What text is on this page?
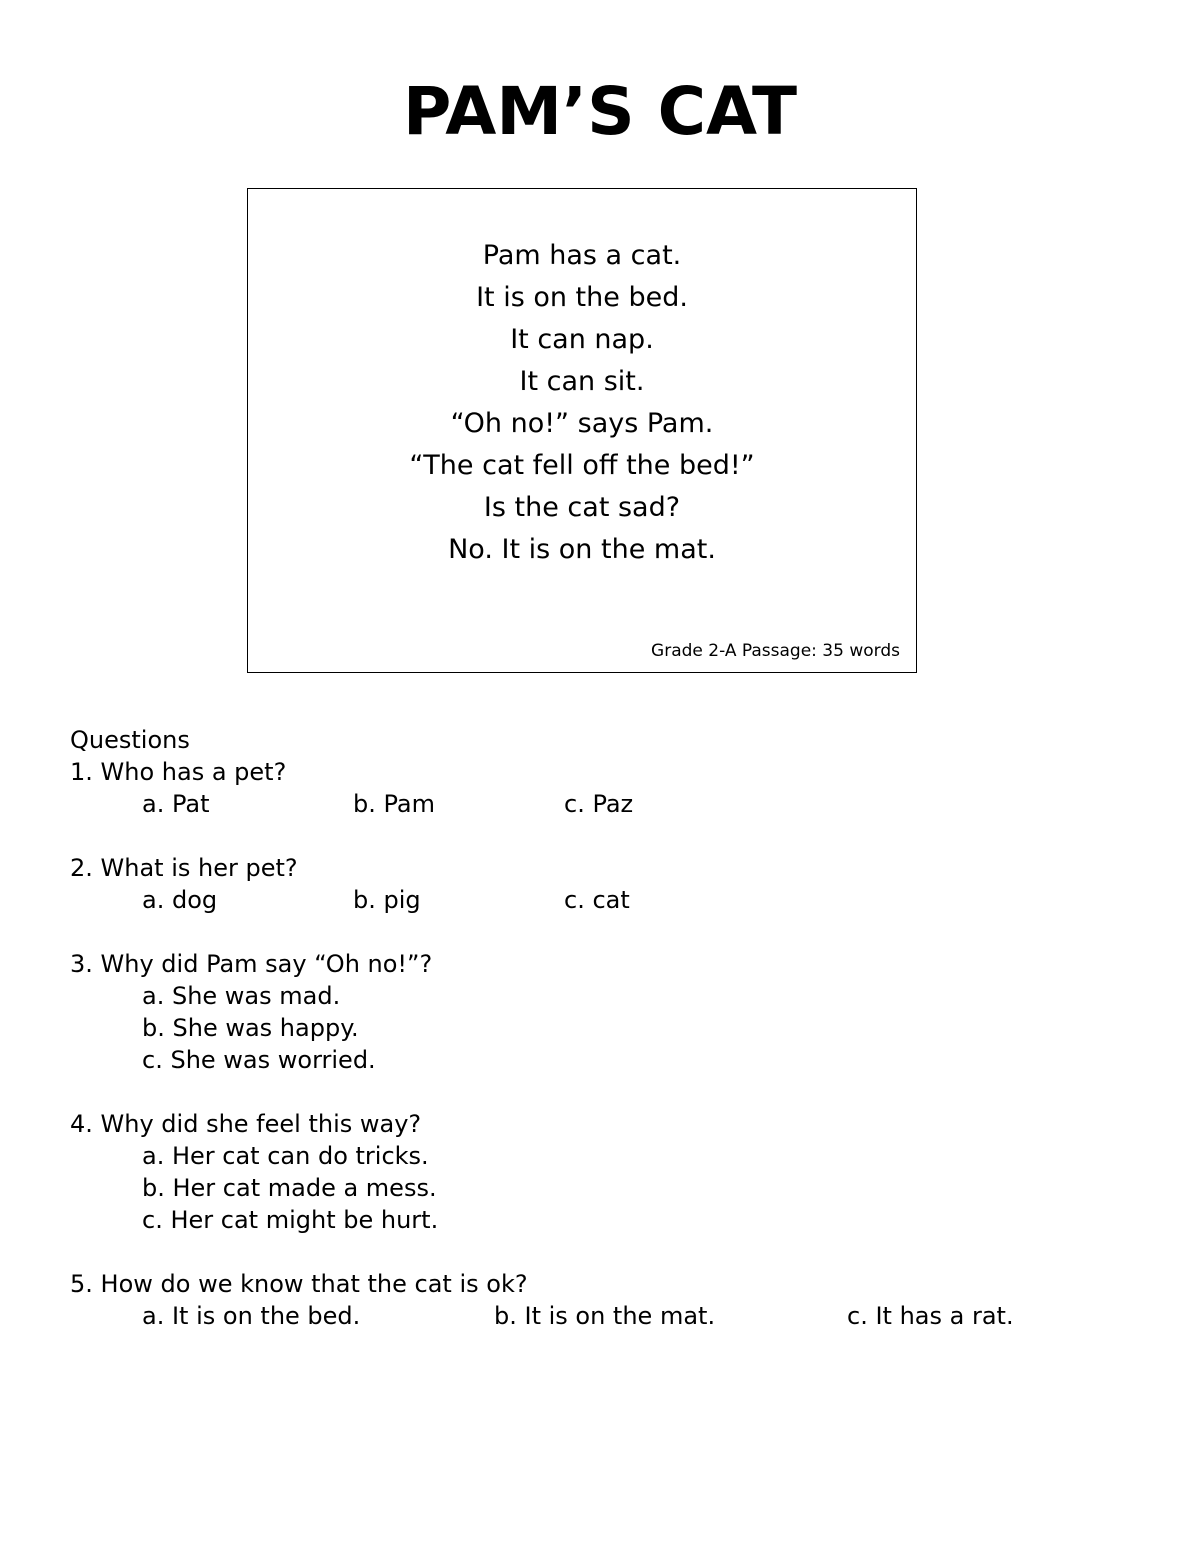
PAM’S CAT
Pam has a cat.
It is on the bed.
It can nap.
It can sit.
“Oh no!” says Pam.
“The cat fell off the bed!”
Is the cat sad?
No. It is on the mat.
Grade 2-A Passage: 35 words
Questions
1. Who has a pet?
a. Pat	b. Pam	c. Paz
2. What is her pet?
a. dog	b. pig	c. cat
3. Why did Pam say “Oh no!”?
a. She was mad.
b. She was happy.
c. She was worried.
4. Why did she feel this way?
a. Her cat can do tricks.
b. Her cat made a mess.
c. Her cat might be hurt.
5. How do we know that the cat is ok?
a. It is on the bed.	b. It is on the mat.	c. It has a rat.
